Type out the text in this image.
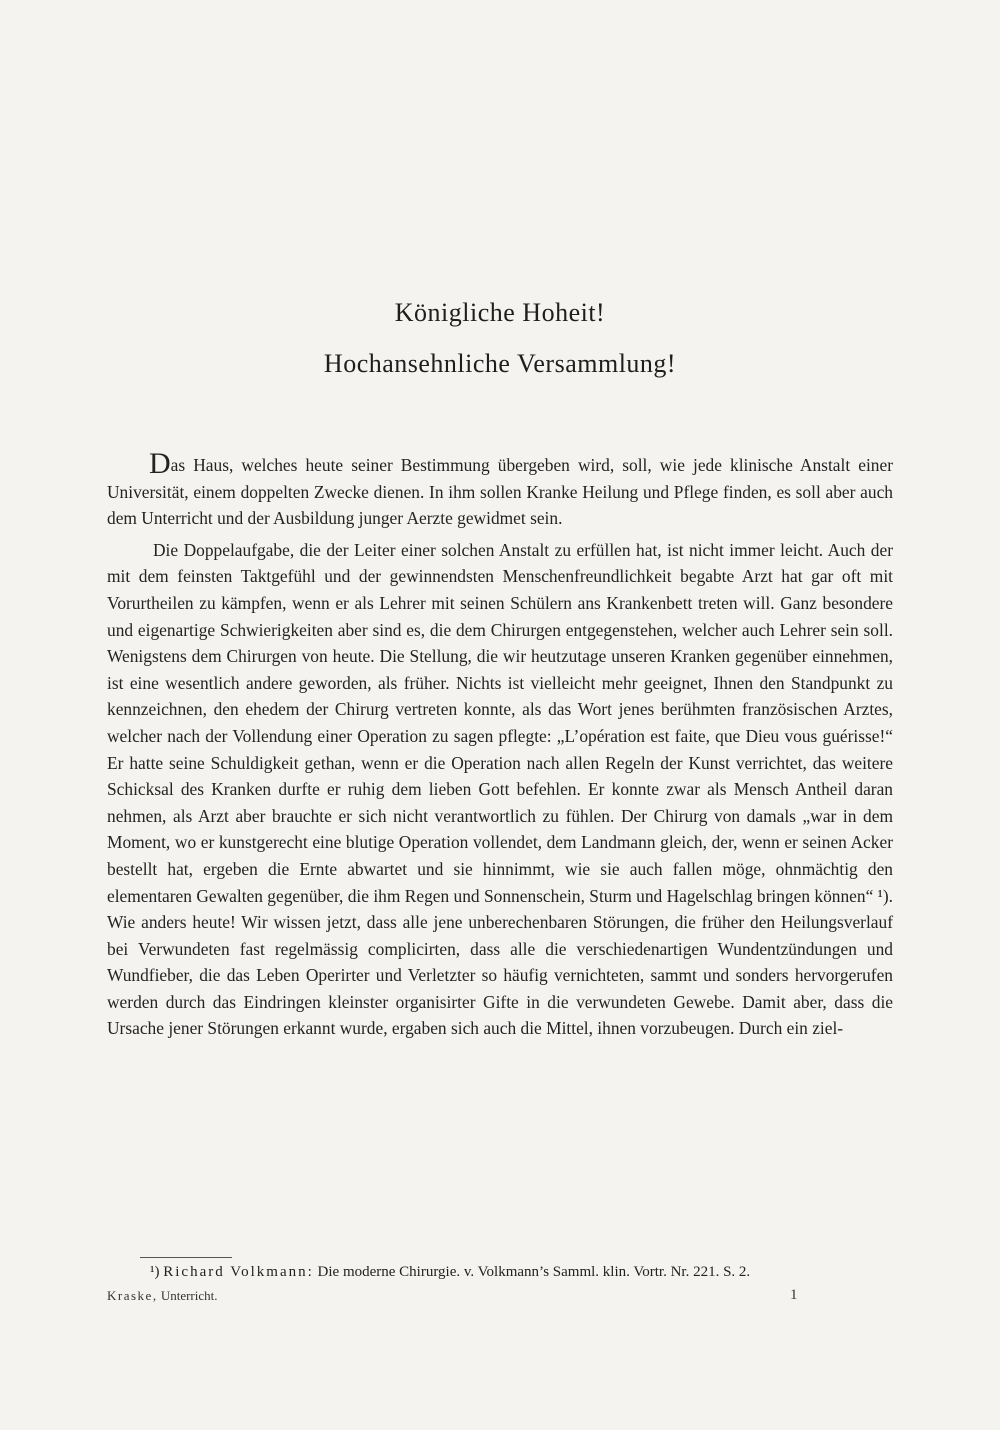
Königliche Hoheit!
Hochansehnliche Versammlung!

Das Haus, welches heute seiner Bestimmung übergeben wird, soll, wie jede klinische Anstalt einer Universität, einem doppelten Zwecke dienen. In ihm sollen Kranke Heilung und Pflege finden, es soll aber auch dem Unterricht und der Ausbildung junger Aerzte gewidmet sein.

Die Doppelaufgabe, die der Leiter einer solchen Anstalt zu erfüllen hat, ist nicht immer leicht. Auch der mit dem feinsten Taktgefühl und der gewinnendsten Menschenfreundlichkeit begabte Arzt hat gar oft mit Vorurtheilen zu kämpfen, wenn er als Lehrer mit seinen Schülern ans Krankenbett treten will. Ganz besondere und eigenartige Schwierigkeiten aber sind es, die dem Chirurgen entgegenstehen, welcher auch Lehrer sein soll. Wenigstens dem Chirurgen von heute. Die Stellung, die wir heutzutage unseren Kranken gegenüber einnehmen, ist eine wesentlich andere geworden, als früher. Nichts ist vielleicht mehr geeignet, Ihnen den Standpunkt zu kennzeichnen, den ehedem der Chirurg vertreten konnte, als das Wort jenes berühmten französischen Arztes, welcher nach der Vollendung einer Operation zu sagen pflegte: „L’opération est faite, que Dieu vous guérisse!“ Er hatte seine Schuldigkeit gethan, wenn er die Operation nach allen Regeln der Kunst verrichtet, das weitere Schicksal des Kranken durfte er ruhig dem lieben Gott befehlen. Er konnte zwar als Mensch Antheil daran nehmen, als Arzt aber brauchte er sich nicht verantwortlich zu fühlen. Der Chirurg von damals „war in dem Moment, wo er kunstgerecht eine blutige Operation vollendet, dem Landmann gleich, der, wenn er seinen Acker bestellt hat, ergeben die Ernte abwartet und sie hinnimmt, wie sie auch fallen möge, ohnmächtig den elementaren Gewalten gegenüber, die ihm Regen und Sonnenschein, Sturm und Hagelschlag bringen können“ ¹). Wie anders heute! Wir wissen jetzt, dass alle jene unberechenbaren Störungen, die früher den Heilungsverlauf bei Verwundeten fast regelmässig complicirten, dass alle die verschiedenartigen Wundentzündungen und Wundfieber, die das Leben Operirter und Verletzter so häufig vernichteten, sammt und sonders hervorgerufen werden durch das Eindringen kleinster organisirter Gifte in die verwundeten Gewebe. Damit aber, dass die Ursache jener Störungen erkannt wurde, ergaben sich auch die Mittel, ihnen vorzubeugen. Durch ein ziel-

¹) Richard Volkmann: Die moderne Chirurgie. v. Volkmann’s Samml. klin. Vortr. Nr. 221. S. 2.
Kraske, Unterricht.	1
